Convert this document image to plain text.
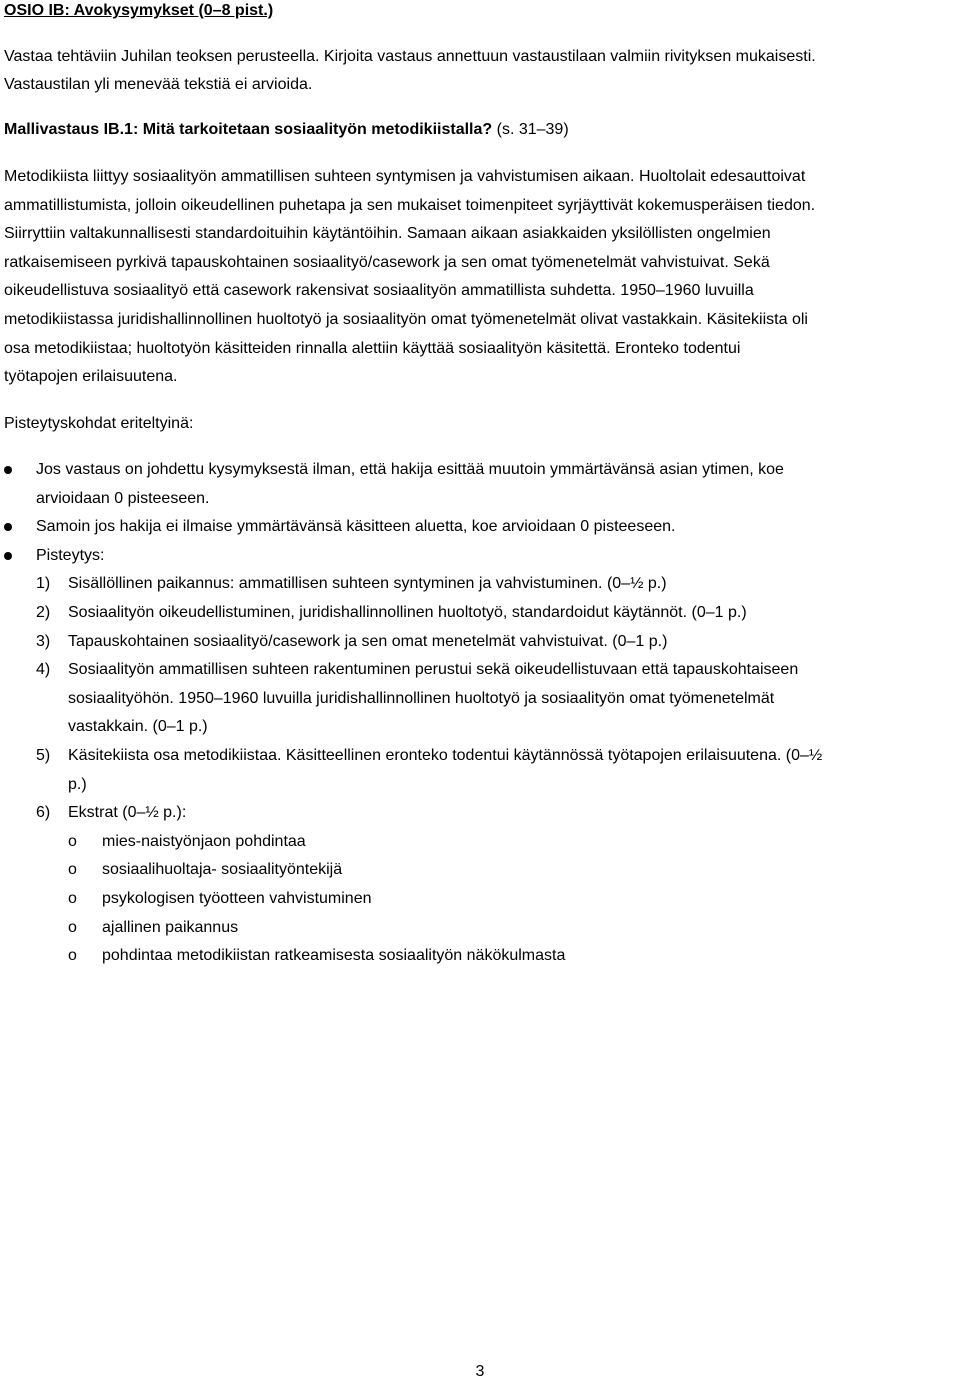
OSIO IB: Avokysymykset (0–8 pist.)
Vastaa tehtäviin Juhilan teoksen perusteella. Kirjoita vastaus annettuun vastaustilaan valmiin rivityksen mukaisesti.
Vastaustilan yli menevää tekstiä ei arvioida.
Mallivastaus IB.1: Mitä tarkoitetaan sosiaalityön metodikiistalla? (s. 31–39)
Metodikiista liittyy sosiaalityön ammatillisen suhteen syntymisen ja vahvistumisen aikaan. Huoltolait edesauttoivat
ammatillistumista, jolloin oikeudellinen puhetapa ja sen mukaiset toimenpiteet syrjäyttivät kokemusperäisen tiedon.
Siirryttiin valtakunnallisesti standardoituihin käytäntöihin. Samaan aikaan asiakkaiden yksilöllisten ongelmien
ratkaisemiseen pyrkivä tapauskohtainen sosiaalityö/casework ja sen omat työmenetelmät vahvistuivat. Sekä
oikeudellistuva sosiaalityö että casework rakensivat sosiaalityön ammatillista suhdetta. 1950–1960 luvuilla
metodikiistassa juridishallinnollinen huoltotyö ja sosiaalityön omat työmenetelmät olivat vastakkain. Käsitekiista oli
osa metodikiistaa; huoltotyön käsitteiden rinnalla alettiin käyttää sosiaalityön käsitettä. Eronteko todentui
työtapojen erilaisuutena.
Pisteytyskohdat eriteltyinä:
Jos vastaus on johdettu kysymyksestä ilman, että hakija esittää muutoin ymmärtävänsä asian ytimen, koe
arvioidaan 0 pisteeseen.
Samoin jos hakija ei ilmaise ymmärtävänsä käsitteen aluetta, koe arvioidaan 0 pisteeseen.
Pisteytys:
1) Sisällöllinen paikannus: ammatillisen suhteen syntyminen ja vahvistuminen. (0–½ p.)
2) Sosiaalityön oikeudellistuminen, juridishallinnollinen huoltotyö, standardoidut käytännöt. (0–1 p.)
3) Tapauskohtainen sosiaalityö/casework ja sen omat menetelmät vahvistuivat. (0–1 p.)
4) Sosiaalityön ammatillisen suhteen rakentuminen perustui sekä oikeudellistuvaan että tapauskohtaiseen
sosiaalityöhön. 1950–1960 luvuilla juridishallinnollinen huoltotyö ja sosiaalityön omat työmenetelmät
vastakkain. (0–1 p.)
5) Käsitekiista osa metodikiistaa. Käsitteellinen eronteko todentui käytännössä työtapojen erilaisuutena. (0–½
p.)
6) Ekstrat (0–½ p.):
o mies-naistyönjaon pohdintaa
o sosiaalihuoltaja- sosiaalityöntekijä
o psykologisen työotteen vahvistuminen
o ajallinen paikannus
o pohdintaa metodikiistan ratkeamisesta sosiaalityön näkökulmasta
3
